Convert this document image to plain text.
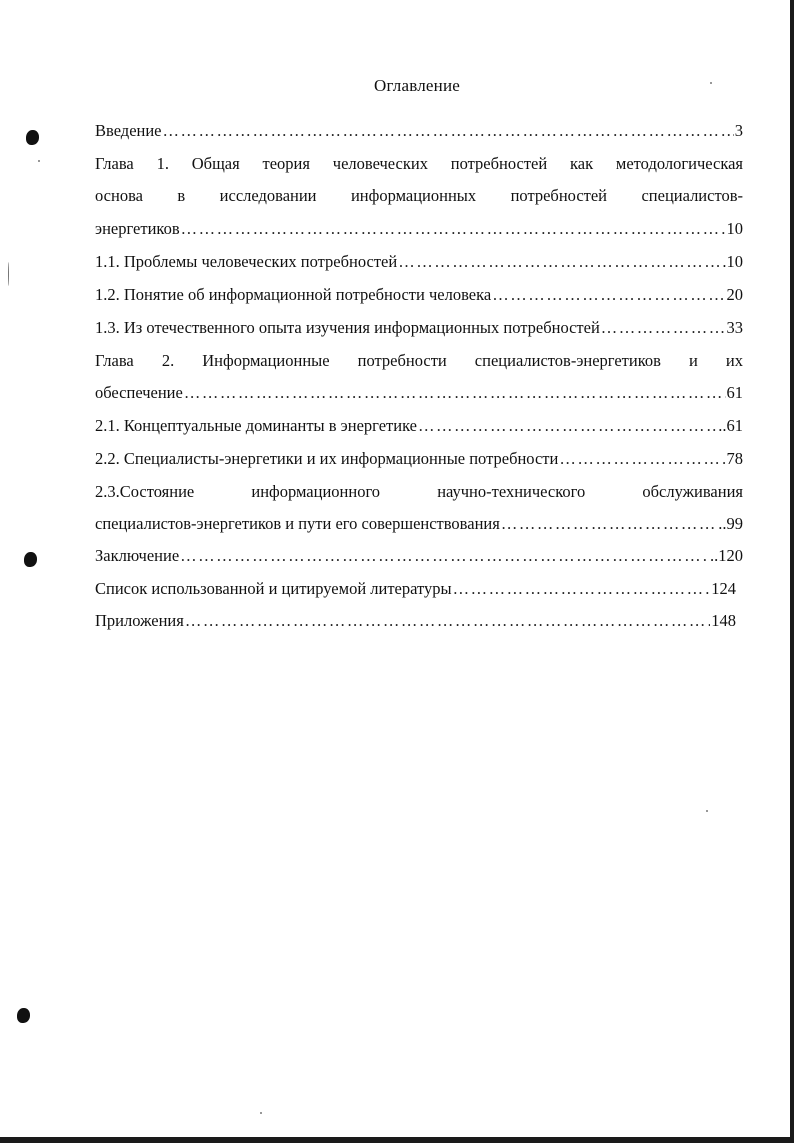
Оглавление
Введение ………………………………………………………………………………………………………………………………………………………………	3
Глава 1. Общая теория человеческих потребностей как методологическая
основа в исследовании информационных потребностей специалистов-
энергетиков ………………………………………………………………………………………………………………………………………………………………	10
1.1. Проблемы человеческих потребностей ………………………………………………………………………………………………………………………………………………………………	.10
1.2. Понятие об информационной потребности человека ………………………………………………………………………………………………………………………………………………………………	20
1.3. Из отечественного опыта изучения информационных потребностей ………………………………………………………………………………………………………………………………………………………………	33
Глава 2. Информационные потребности специалистов-энергетиков и их
обеспечение ………………………………………………………………………………………………………………………………………………………………	61
2.1. Концептуальные доминанты в энергетике ………………………………………………………………………………………………………………………………………………………………	..61
2.2. Специалисты-энергетики и их информационные потребности ………………………………………………………………………………………………………………………………………………………………	78
2.3.Состояние информационного научно-технического обслуживания
специалистов-энергетиков и пути его совершенствования ………………………………………………………………………………………………………………………………………………………………	..99
Заключение ………………………………………………………………………………………………………………………………………………………………	..120
Список использованной и цитируемой литературы ………………………………………………………………………………………………………………………………………………………………	124
Приложения ………………………………………………………………………………………………………………………………………………………………	148
